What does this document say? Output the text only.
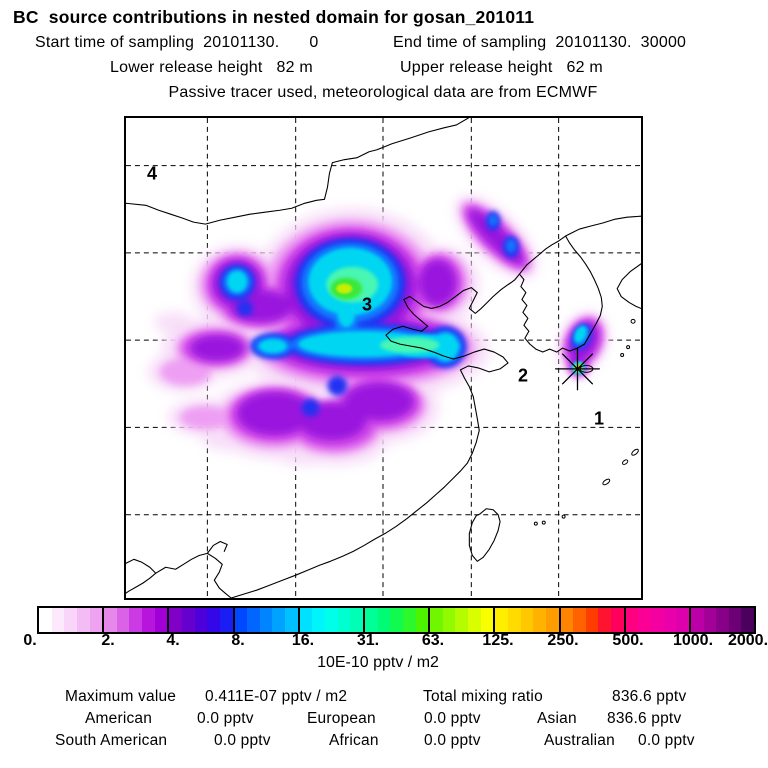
BC  source contributions in nested domain for gosan_201011
Start time of sampling 20101130. 0	End time of sampling 20101130. 30000
Lower release height 82 m	Upper release height 62 m
Passive tracer used, meteorological data are from ECMWF
4
3
2
1
0.	2.	4.	8.	16.	31.	63. 125. 250. 500. 1000. 2000.
10E-10 pptv / m2
Maximum value 0.411E-07 pptv / m2	Total mixing ratio	836.6 pptv
American	0.0 pptv	European	0.0 pptv	Asian 836.6 pptv
South American	0.0 pptv	African	0.0 pptv	Australian 0.0 pptv
